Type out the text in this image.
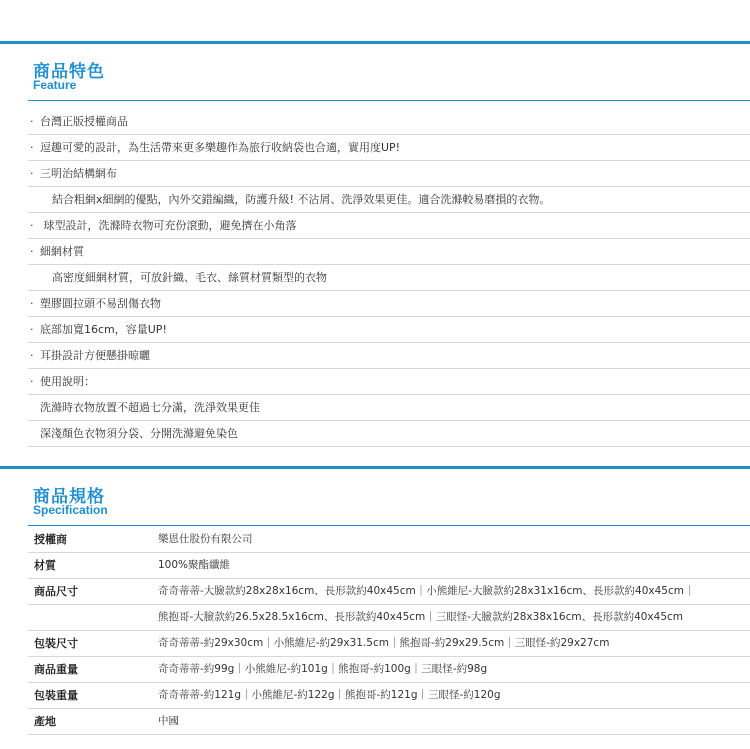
商品特色
Feature
· 台灣正版授權商品
· 逗趣可愛的設計，為生活帶來更多樂趣作為旅行收納袋也合適，實用度UP!
· 三明治結構網布
結合粗網x細網的優點，內外交錯編織，防護升級! 不沾屑、洗淨效果更佳。適合洗滌較易磨損的衣物。
· 球型設計，洗滌時衣物可充份滾動，避免擠在小角落
· 細網材質
高密度細網材質，可放針織、毛衣、絲質材質類型的衣物
· 塑膠圓拉頭不易刮傷衣物
· 底部加寬16cm，容量UP!
· 耳掛設計方便懸掛晾曬
· 使用說明：
洗滌時衣物放置不超過七分滿，洗淨效果更佳
深淺顏色衣物須分袋、分開洗滌避免染色
商品規格
Specification
授權商	樂恩仕股份有限公司
材質	100%聚酯纖維
商品尺寸	奇奇蒂蒂-大臉款約28x28x16cm、長形款約40x45cm｜小熊維尼-大臉款約28x31x16cm、長形款約40x45cm｜
熊抱哥-大臉款約26.5x28.5x16cm、長形款約40x45cm｜三眼怪-大臉款約28x38x16cm、長形款約40x45cm
包裝尺寸	奇奇蒂蒂-約29x30cm｜小熊維尼-約29x31.5cm｜熊抱哥-約29x29.5cm｜三眼怪-約29x27cm
商品重量	奇奇蒂蒂-約99g｜小熊維尼-約101g｜熊抱哥-約100g｜三眼怪-約98g
包裝重量	奇奇蒂蒂-約121g｜小熊維尼-約122g｜熊抱哥-約121g｜三眼怪-約120g
產地	中國
